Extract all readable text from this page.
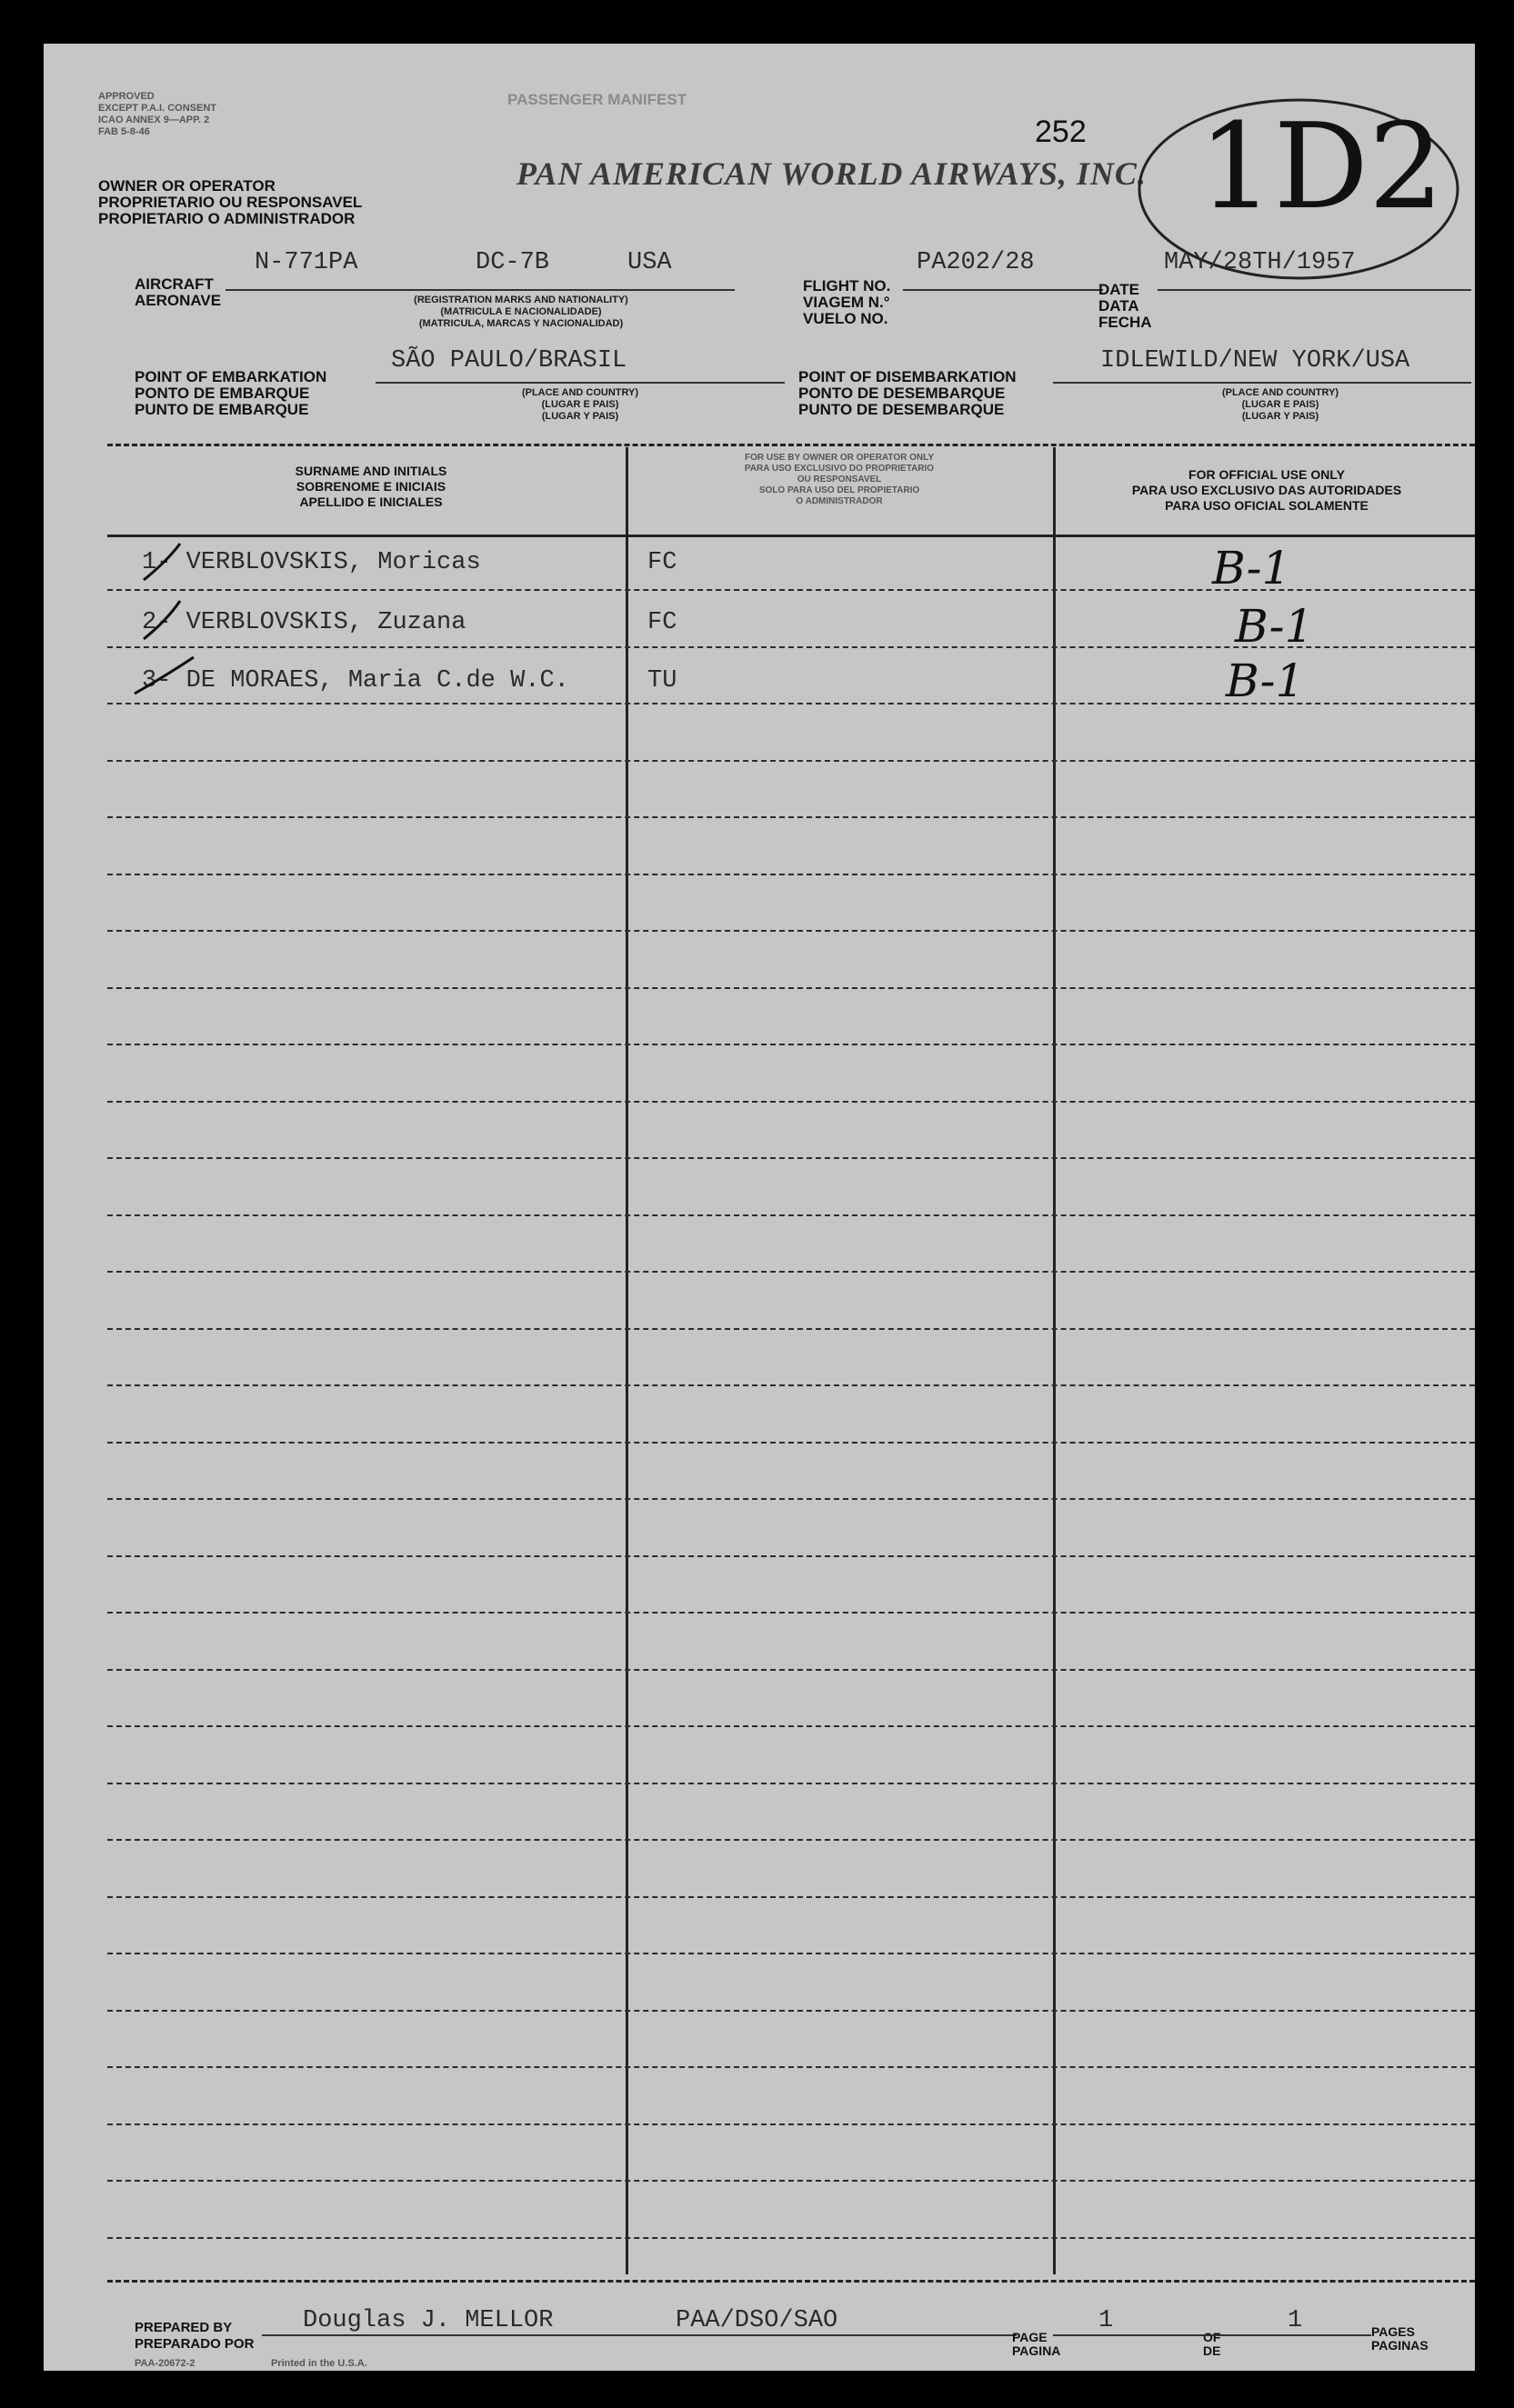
APPROVED
EXCEPT P.A.I. CONSENT
ICAO ANNEX 9—APP. 2
FAB 5-8-46
PASSENGER MANIFEST
252
PAN AMERICAN WORLD AIRWAYS, INC. 1D2
OWNER OR OPERATOR
PROPRIETARIO OU RESPONSAVEL
PROPIETARIO O ADMINISTRADOR
N-771PA	DC-7B	USA
AIRCRAFT
AERONAVE	(REGISTRATION MARKS AND NATIONALITY)
(MATRICULA E NACIONALIDADE)
(MATRICULA, MARCAS Y NACIONALIDAD)
PA202/28
FLIGHT NO.
VIAGEM N.°
VUELO NO.
MAY/28TH/1957
DATE
DATA
FECHA
SÃO PAULO/BRASIL
POINT OF EMBARKATION
PONTO DE EMBARQUE
PUNTO DE EMBARQUE
(PLACE AND COUNTRY)
(LUGAR E PAIS)
(LUGAR Y PAIS)
IDLEWILD/NEW YORK/USA
POINT OF DISEMBARKATION
PONTO DE DESEMBARQUE
PUNTO DE DESEMBARQUE
(PLACE AND COUNTRY)
(LUGAR E PAIS)
(LUGAR Y PAIS)
SURNAME AND INITIALS
SOBRENOME E INICIAIS
APELLIDO E INICIALES
FOR USE BY OWNER OR OPERATOR ONLY
PARA USO EXCLUSIVO DO PROPRIETARIO
OU RESPONSAVEL
SOLO PARA USO DEL PROPIETARIO
O ADMINISTRADOR
FOR OFFICIAL USE ONLY
PARA USO EXCLUSIVO DAS AUTORIDADES
PARA USO OFICIAL SOLAMENTE
1- VERBLOVSKIS, Moricas	FC	B-1
2- VERBLOVSKIS, Zuzana	FC	B-1
3- DE MORAES, Maria C.de W.C.	TU	B-1
PREPARED BY
PREPARADO POR
Douglas J. MELLOR	PAA/DSO/SAO
PAGE
PAGINA
1
OF
DE
1	PAGES
PAGINAS
PAA-20672-2	Printed in the U.S.A.
